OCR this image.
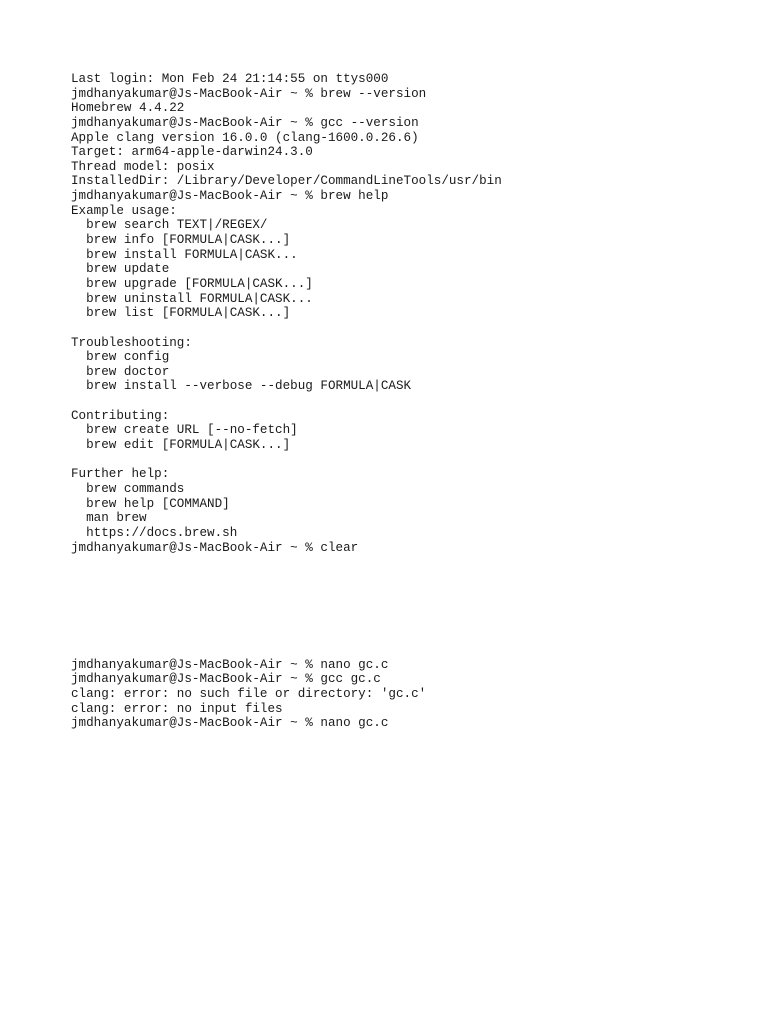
Last login: Mon Feb 24 21:14:55 on ttys000
jmdhanyakumar@Js-MacBook-Air ~ % brew --version
Homebrew 4.4.22
jmdhanyakumar@Js-MacBook-Air ~ % gcc --version
Apple clang version 16.0.0 (clang-1600.0.26.6)
Target: arm64-apple-darwin24.3.0
Thread model: posix
InstalledDir: /Library/Developer/CommandLineTools/usr/bin
jmdhanyakumar@Js-MacBook-Air ~ % brew help
Example usage:
brew search TEXT|/REGEX/
brew info [FORMULA|CASK...]
brew install FORMULA|CASK...
brew update
brew upgrade [FORMULA|CASK...]
brew uninstall FORMULA|CASK...
brew list [FORMULA|CASK...]
Troubleshooting:
brew config
brew doctor
brew install --verbose --debug FORMULA|CASK
Contributing:
brew create URL [--no-fetch]
brew edit [FORMULA|CASK...]
Further help:
brew commands
brew help [COMMAND]
man brew
https://docs.brew.sh
jmdhanyakumar@Js-MacBook-Air ~ % clear
jmdhanyakumar@Js-MacBook-Air ~ % nano gc.c
jmdhanyakumar@Js-MacBook-Air ~ % gcc gc.c
clang: error: no such file or directory: 'gc.c'
clang: error: no input files
jmdhanyakumar@Js-MacBook-Air ~ % nano gc.c
